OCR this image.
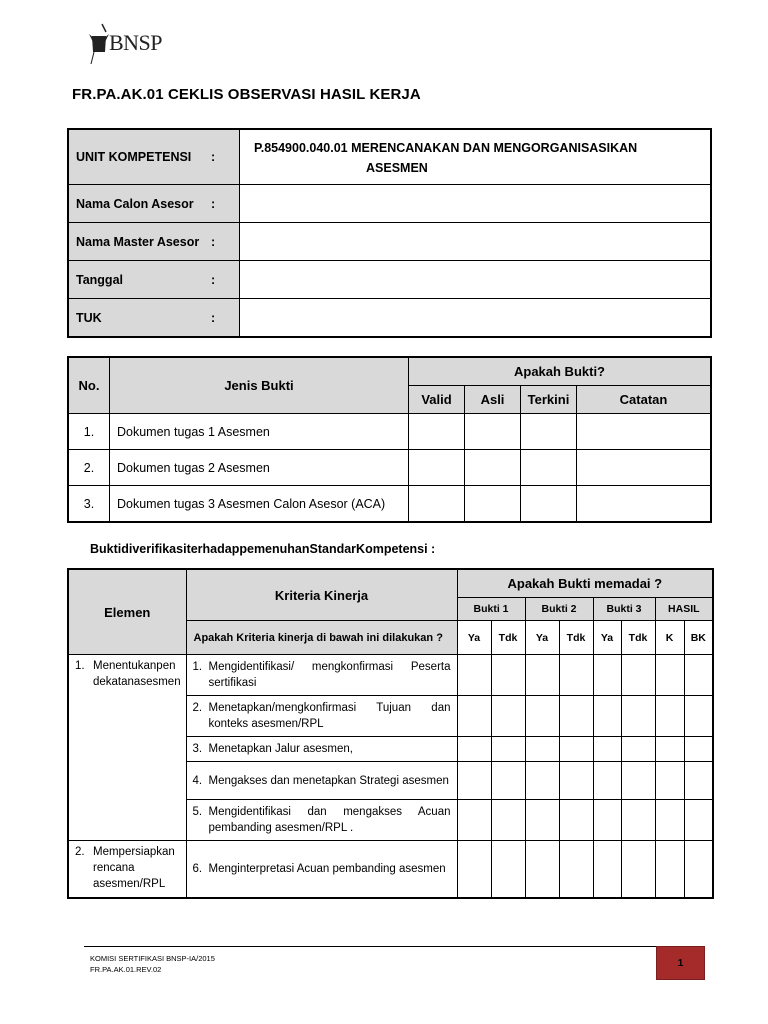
BNSP
FR.PA.AK.01 CEKLIS OBSERVASI HASIL KERJA
UNIT KOMPETENSI :	P.854900.040.01 MERENCANAKAN DAN MENGORGANISASIKAN
ASESMEN

Nama Calon Asesor :	

Nama Master Asesor :	

Tanggal :	

TUK :	

No.	Jenis Bukti	Apakah Bukti?			
		Valid	Asli	Terkini	Catatan
1.	Dokumen tugas 1 Asesmen				
2.	Dokumen tugas 2 Asesmen				
3.	Dokumen tugas 3 Asesmen Calon Asesor (ACA)				
BuktidiverifikasiterhadappemenuhanStandarKompetensi :
Elemen	Kriteria Kinerja	Apakah Bukti memadai ?							
		Bukti 1		Bukti 2		Bukti 3		HASIL	
	Apakah Kriteria kinerja di bawah ini dilakukan ?	Ya	Tdk	Ya	Tdk	Ya	Tdk	K	BK

1. Menentukanpen dekatanasesmen	1. Mengidentifikasi/ mengkonfirmasi Peserta sertifikasi								

	2. Menetapkan/mengkonfirmasi Tujuan dan konteks asesmen/RPL								

	3. Menetapkan Jalur asesmen,								

	4. Mengakses dan menetapkan Strategi asesmen								

	5. Mengidentifikasi dan mengakses Acuan pembanding asesmen/RPL .								

2. Mempersiapkan rencana asesmen/RPL	6. Menginterpretasi Acuan pembanding asesmen								

KOMISI SERTIFIKASI BNSP-IA/2015
FR.PA.AK.01.REV.02
1
